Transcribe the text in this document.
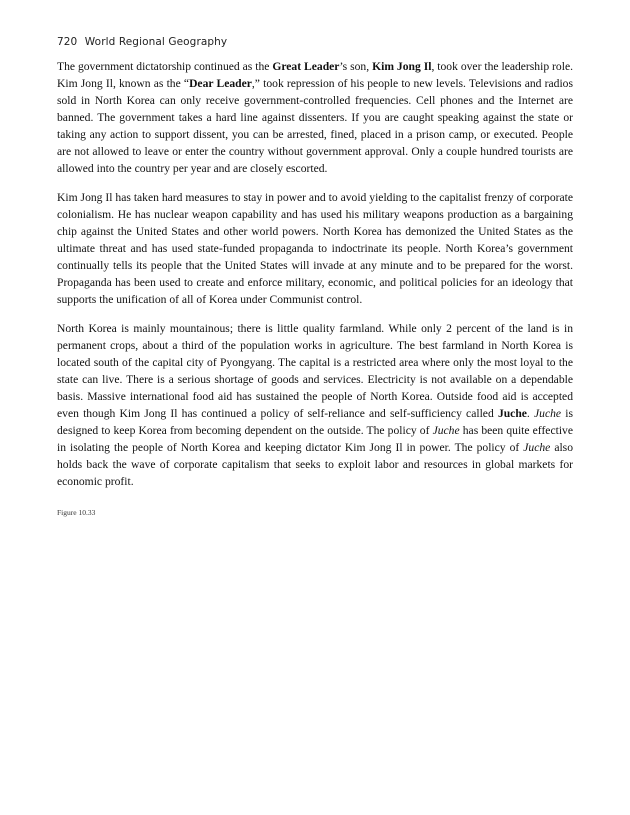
720 World Regional Geography

The government dictatorship continued as the Great Leader’s son, Kim Jong Il, took over the leadership role. Kim Jong Il, known as the “Dear Leader,” took repression of his people to new levels. Televisions and radios sold in North Korea can only receive government-controlled frequencies. Cell phones and the Internet are banned. The government takes a hard line against dissenters. If you are caught speaking against the state or taking any action to support dissent, you can be arrested, fined, placed in a prison camp, or executed. People are not allowed to leave or enter the country without government approval. Only a couple hundred tourists are allowed into the country per year and are closely escorted.

Kim Jong Il has taken hard measures to stay in power and to avoid yielding to the capitalist frenzy of corporate colonialism. He has nuclear weapon capability and has used his military weapons production as a bargaining chip against the United States and other world powers. North Korea has demonized the United States as the ultimate threat and has used state-funded propaganda to indoctrinate its people. North Korea’s government continually tells its people that the United States will invade at any minute and to be prepared for the worst. Propaganda has been used to create and enforce military, economic, and political policies for an ideology that supports the unification of all of Korea under Communist control.

North Korea is mainly mountainous; there is little quality farmland. While only 2 percent of the land is in permanent crops, about a third of the population works in agriculture. The best farmland in North Korea is located south of the capital city of Pyongyang. The capital is a restricted area where only the most loyal to the state can live. There is a serious shortage of goods and services. Electricity is not available on a dependable basis. Massive international food aid has sustained the people of North Korea. Outside food aid is accepted even though Kim Jong Il has continued a policy of self-reliance and self-sufficiency called Juche. Juche is designed to keep Korea from becoming dependent on the outside. The policy of Juche has been quite effective in isolating the people of North Korea and keeping dictator Kim Jong Il in power. The policy of Juche also holds back the wave of corporate capitalism that seeks to exploit labor and resources in global markets for economic profit.

Figure 10.33
